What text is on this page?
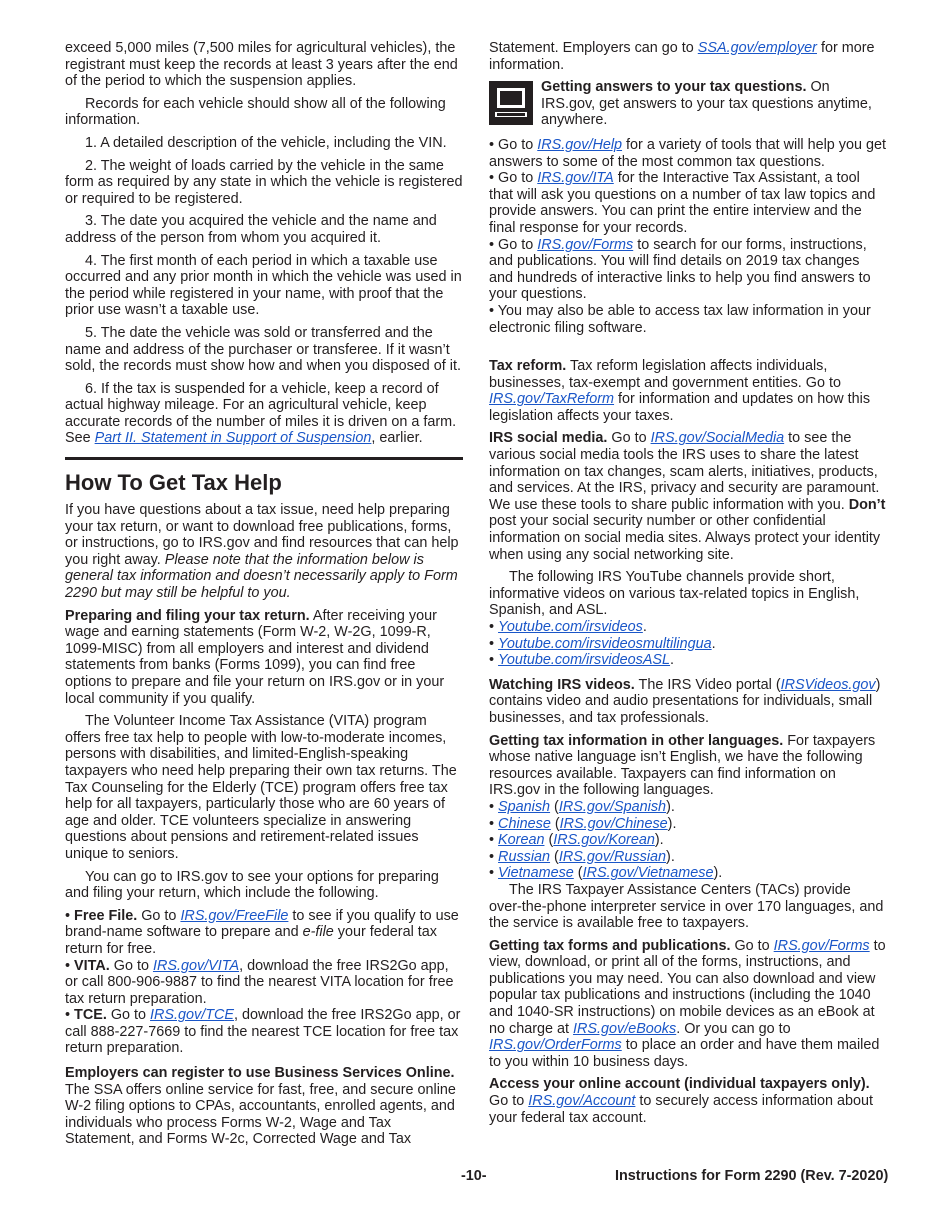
exceed 5,000 miles (7,500 miles for agricultural vehicles), the registrant must keep the records at least 3 years after the end of the period to which the suspension applies.

Records for each vehicle should show all of the following information.

1. A detailed description of the vehicle, including the VIN.

2. The weight of loads carried by the vehicle in the same form as required by any state in which the vehicle is registered or required to be registered.

3. The date you acquired the vehicle and the name and address of the person from whom you acquired it.

4. The first month of each period in which a taxable use occurred and any prior month in which the vehicle was used in the period while registered in your name, with proof that the prior use wasn’t a taxable use.

5. The date the vehicle was sold or transferred and the name and address of the purchaser or transferee. If it wasn’t sold, the records must show how and when you disposed of it.

6. If the tax is suspended for a vehicle, keep a record of actual highway mileage. For an agricultural vehicle, keep accurate records of the number of miles it is driven on a farm. See Part II. Statement in Support of Suspension, earlier.

How To Get Tax Help

If you have questions about a tax issue, need help preparing your tax return, or want to download free publications, forms, or instructions, go to IRS.gov and find resources that can help you right away. Please note that the information below is general tax information and doesn’t necessarily apply to Form 2290 but may still be helpful to you.

Preparing and filing your tax return. After receiving your wage and earning statements (Form W-2, W-2G, 1099-R, 1099-MISC) from all employers and interest and dividend statements from banks (Forms 1099), you can find free options to prepare and file your return on IRS.gov or in your local community if you qualify.

The Volunteer Income Tax Assistance (VITA) program offers free tax help to people with low-to-moderate incomes, persons with disabilities, and limited-English-speaking taxpayers who need help preparing their own tax returns. The Tax Counseling for the Elderly (TCE) program offers free tax help for all taxpayers, particularly those who are 60 years of age and older. TCE volunteers specialize in answering questions about pensions and retirement-related issues unique to seniors.

You can go to IRS.gov to see your options for preparing and filing your return, which include the following.

• Free File. Go to IRS.gov/FreeFile to see if you qualify to use brand-name software to prepare and e-file your federal tax return for free.

• VITA. Go to IRS.gov/VITA, download the free IRS2Go app, or call 800-906-9887 to find the nearest VITA location for free tax return preparation.

• TCE. Go to IRS.gov/TCE, download the free IRS2Go app, or call 888-227-7669 to find the nearest TCE location for free tax return preparation.

Employers can register to use Business Services Online. The SSA offers online service for fast, free, and secure online W-2 filing options to CPAs, accountants, enrolled agents, and individuals who process Forms W-2, Wage and Tax Statement, and Forms W-2c, Corrected Wage and Tax

Statement. Employers can go to SSA.gov/employer for more information.

Getting answers to your tax questions. On IRS.gov, get answers to your tax questions anytime, anywhere.

• Go to IRS.gov/Help for a variety of tools that will help you get answers to some of the most common tax questions.

• Go to IRS.gov/ITA for the Interactive Tax Assistant, a tool that will ask you questions on a number of tax law topics and provide answers. You can print the entire interview and the final response for your records.

• Go to IRS.gov/Forms to search for our forms, instructions, and publications. You will find details on 2019 tax changes and hundreds of interactive links to help you find answers to your questions.

• You may also be able to access tax law information in your electronic filing software.

Tax reform. Tax reform legislation affects individuals, businesses, tax-exempt and government entities. Go to IRS.gov/TaxReform for information and updates on how this legislation affects your taxes.

IRS social media. Go to IRS.gov/SocialMedia to see the various social media tools the IRS uses to share the latest information on tax changes, scam alerts, initiatives, products, and services. At the IRS, privacy and security are paramount. We use these tools to share public information with you. Don’t post your social security number or other confidential information on social media sites. Always protect your identity when using any social networking site.

The following IRS YouTube channels provide short, informative videos on various tax-related topics in English, Spanish, and ASL.

• Youtube.com/irsvideos.

• Youtube.com/irsvideosmultilingua.

• Youtube.com/irsvideosASL.

Watching IRS videos. The IRS Video portal (IRSVideos.gov) contains video and audio presentations for individuals, small businesses, and tax professionals.

Getting tax information in other languages. For taxpayers whose native language isn’t English, we have the following resources available. Taxpayers can find information on IRS.gov in the following languages.

• Spanish (IRS.gov/Spanish).

• Chinese (IRS.gov/Chinese).

• Korean (IRS.gov/Korean).

• Russian (IRS.gov/Russian).

• Vietnamese (IRS.gov/Vietnamese).

The IRS Taxpayer Assistance Centers (TACs) provide over-the-phone interpreter service in over 170 languages, and the service is available free to taxpayers.

Getting tax forms and publications. Go to IRS.gov/Forms to view, download, or print all of the forms, instructions, and publications you may need. You can also download and view popular tax publications and instructions (including the 1040 and 1040-SR instructions) on mobile devices as an eBook at no charge at IRS.gov/eBooks. Or you can go to IRS.gov/OrderForms to place an order and have them mailed to you within 10 business days.

Access your online account (individual taxpayers only). Go to IRS.gov/Account to securely access information about your federal tax account.

-10-	Instructions for Form 2290 (Rev. 7-2020)
